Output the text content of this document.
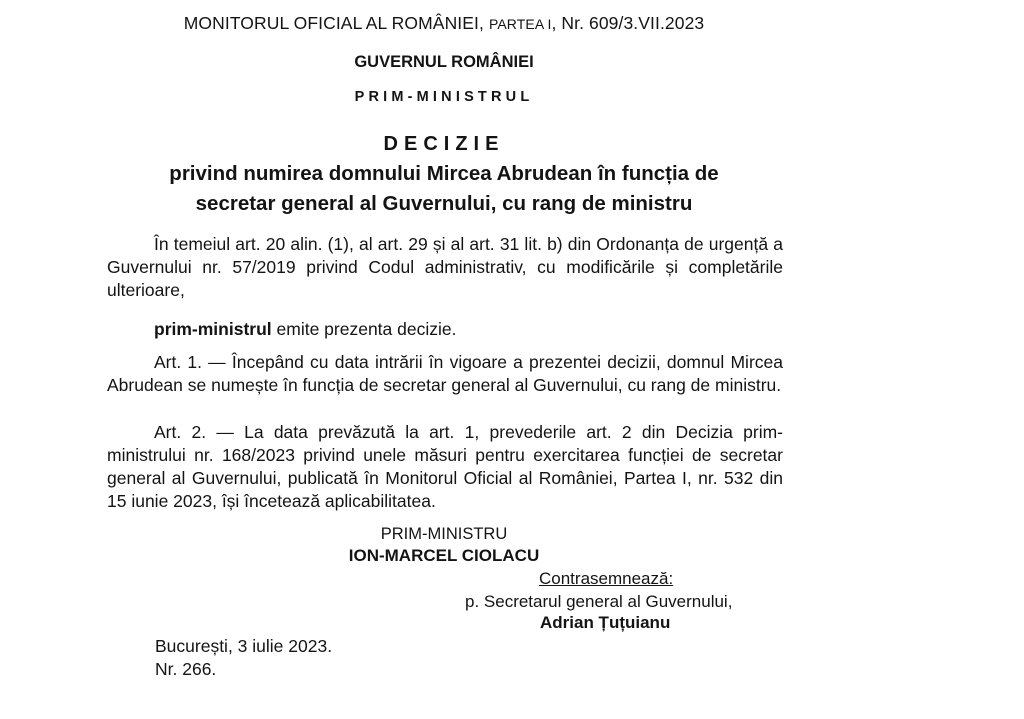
MONITORUL OFICIAL AL ROMÂNIEI, PARTEA I, Nr. 609/3.VII.2023
GUVERNUL ROMÂNIEI
PRIM-MINISTRUL
DECIZIE
privind numirea domnului Mircea Abrudean în funcția de
secretar general al Guvernului, cu rang de ministru
În temeiul art. 20 alin. (1), al art. 29 și al art. 31 lit. b) din Ordonanța de urgență a Guvernului nr. 57/2019 privind Codul administrativ, cu modificările și completările ulterioare,
prim-ministrul emite prezenta decizie.
Art. 1. — Începând cu data intrării în vigoare a prezentei decizii, domnul Mircea Abrudean se numește în funcția de secretar general al Guvernului, cu rang de ministru.
Art. 2. — La data prevăzută la art. 1, prevederile art. 2 din Decizia prim-ministrului nr. 168/2023 privind unele măsuri pentru exercitarea funcției de secretar general al Guvernului, publicată în Monitorul Oficial al României, Partea I, nr. 532 din 15 iunie 2023, își încetează aplicabilitatea.
PRIM-MINISTRU
ION-MARCEL CIOLACU
Contrasemnează:
p. Secretarul general al Guvernului,
Adrian Țuțuianu
București, 3 iulie 2023.
Nr. 266.
